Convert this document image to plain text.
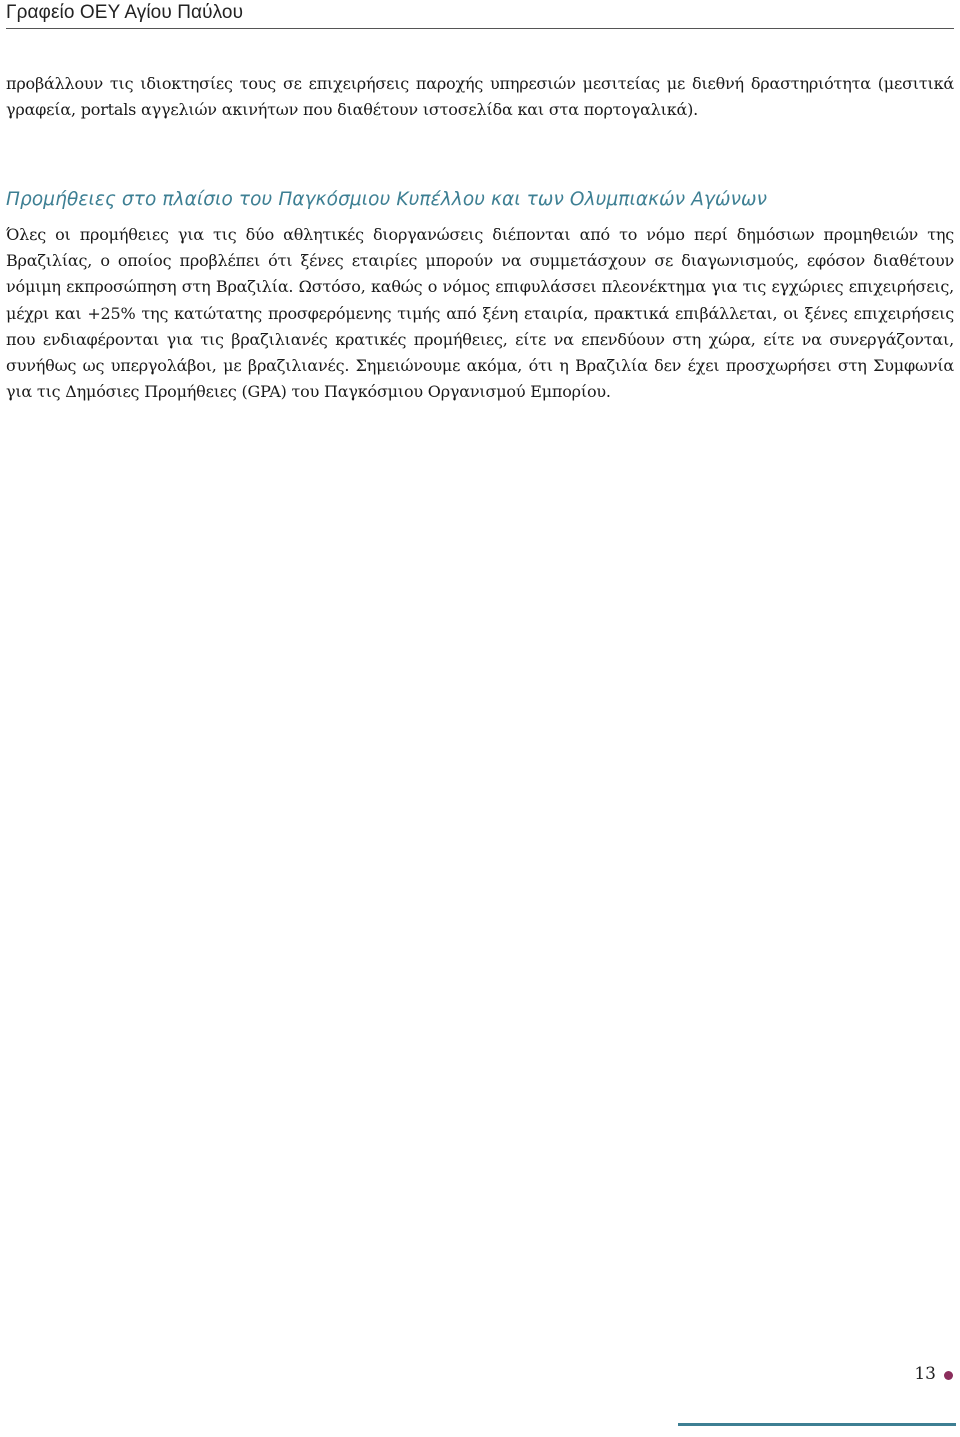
Γραφείο ΟΕΥ Αγίου Παύλου

προβάλλουν τις ιδιοκτησίες τους σε επιχειρήσεις παροχής υπηρεσιών μεσιτείας με διεθνή δραστηριότητα (μεσιτικά γραφεία, portals αγγελιών ακινήτων που διαθέτουν ιστοσελίδα και στα πορτογαλικά).

Προμήθειες στο πλαίσιο του Παγκόσμιου Κυπέλλου και των Ολυμπιακών Αγώνων

Όλες οι προμήθειες για τις δύο αθλητικές διοργανώσεις διέπονται από το νόμο περί δημόσιων προμηθειών της Βραζιλίας, ο οποίος προβλέπει ότι ξένες εταιρίες μπορούν να συμμετάσχουν σε διαγωνισμούς, εφόσον διαθέτουν νόμιμη εκπροσώπηση στη Βραζιλία. Ωστόσο, καθώς ο νόμος επιφυλάσσει πλεονέκτημα για τις εγχώριες επιχειρήσεις, μέχρι και +25% της κατώτατης προσφερόμενης τιμής από ξένη εταιρία, πρακτικά επιβάλλεται, οι ξένες επιχειρήσεις που ενδιαφέρονται για τις βραζιλιανές κρατικές προμήθειες, είτε να επενδύουν στη χώρα, είτε να συνεργάζονται, συνήθως ως υπεργολάβοι, με βραζιλιανές. Σημειώνουμε ακόμα, ότι η Βραζιλία δεν έχει προσχωρήσει στη Συμφωνία για τις Δημόσιες Προμήθειες (GPA) του Παγκόσμιου Οργανισμού Εμπορίου.

13
